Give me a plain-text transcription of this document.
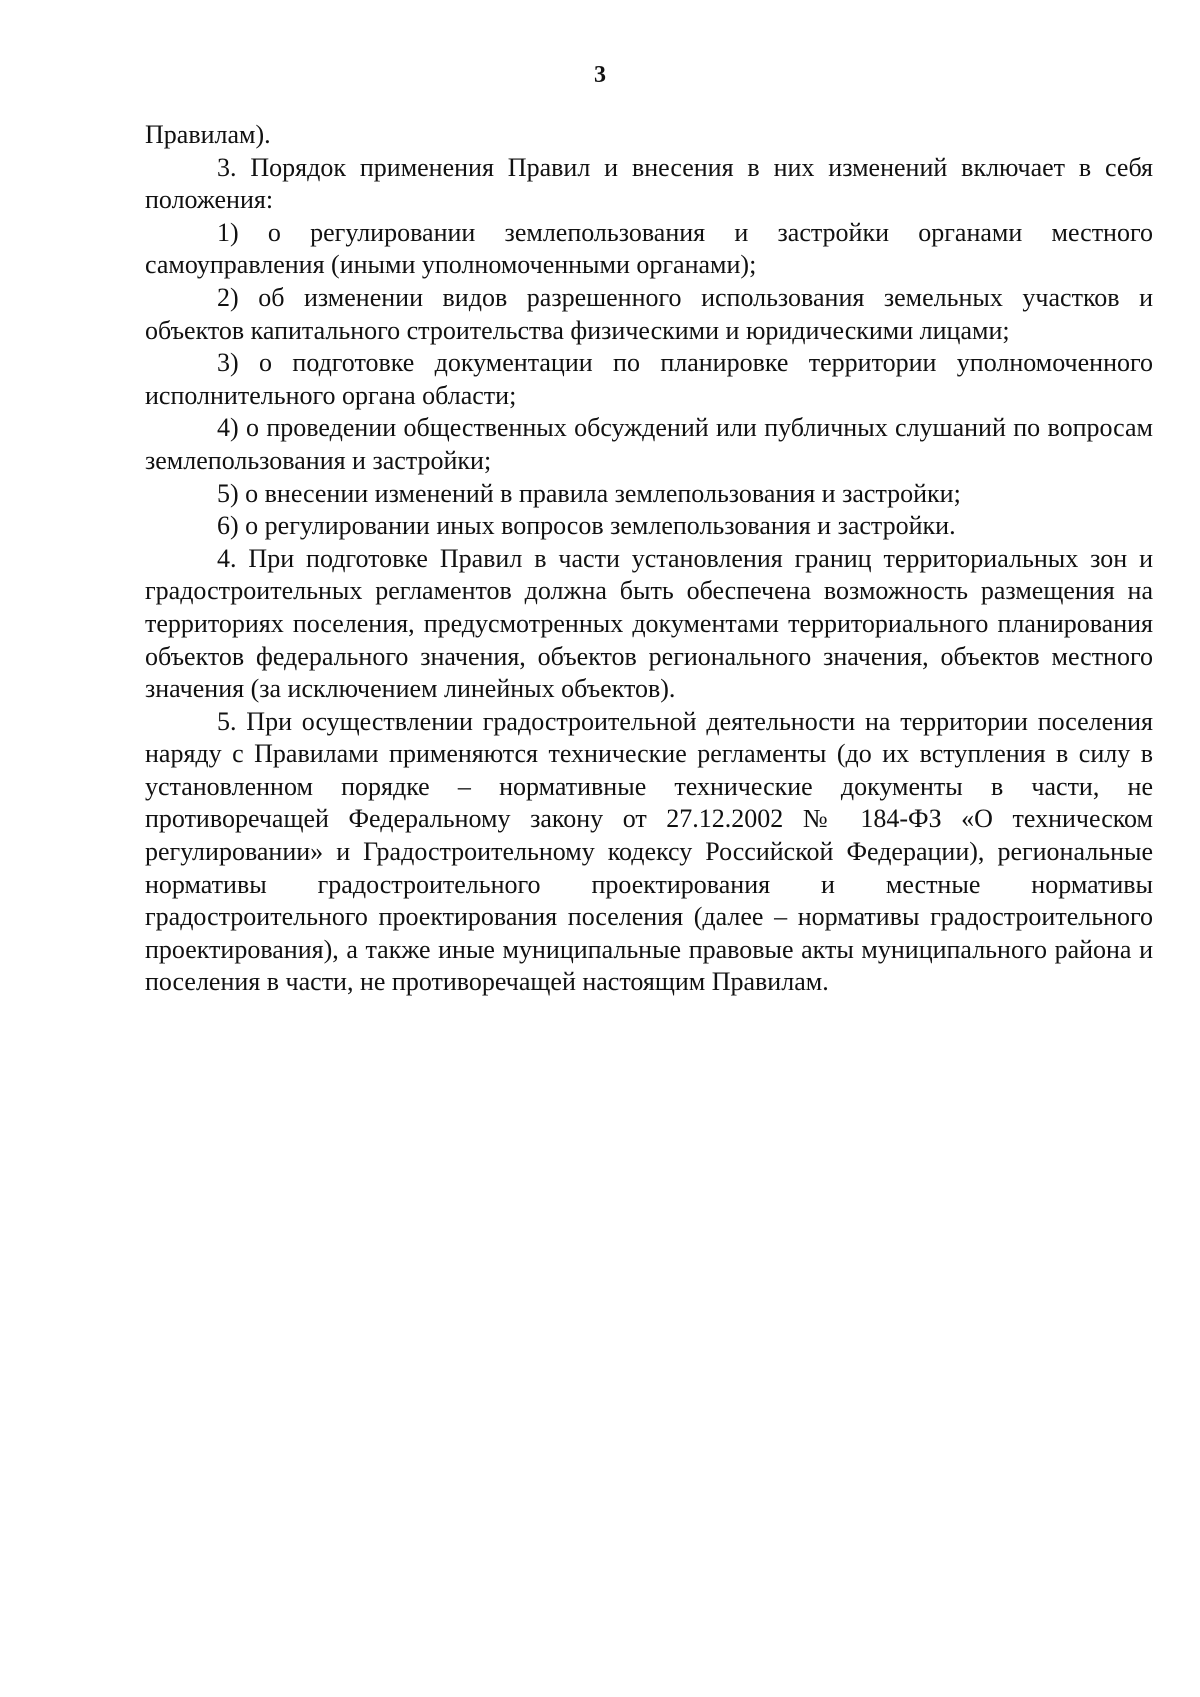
3

Правилам).

3. Порядок применения Правил и внесения в них изменений включает в себя положения:

1) о регулировании землепользования и застройки органами местного самоуправления (иными уполномоченными органами);

2) об изменении видов разрешенного использования земельных участков и объектов капитального строительства физическими и юридическими лицами;

3) о подготовке документации по планировке территории уполномоченного исполнительного органа области;

4) о проведении общественных обсуждений или публичных слушаний по вопросам землепользования и застройки;

5) о внесении изменений в правила землепользования и застройки;

6) о регулировании иных вопросов землепользования и застройки.

4. При подготовке Правил в части установления границ территориальных зон и градостроительных регламентов должна быть обеспечена возможность размещения на территориях поселения, предусмотренных документами территориального планирования объектов федерального значения, объектов регионального значения, объектов местного значения (за исключением линейных объектов).

5. При осуществлении градостроительной деятельности на территории поселения наряду с Правилами применяются технические регламенты (до их вступления в силу в установленном порядке – нормативные технические документы в части, не противоречащей Федеральному закону от 27.12.2002 № 184-ФЗ «О техническом регулировании» и Градостроительному кодексу Российской Федерации), региональные нормативы градостроительного проектирования и местные нормативы градостроительного проектирования поселения (далее – нормативы градостроительного проектирования), а также иные муниципальные правовые акты муниципального района и поселения в части, не противоречащей настоящим Правилам.
